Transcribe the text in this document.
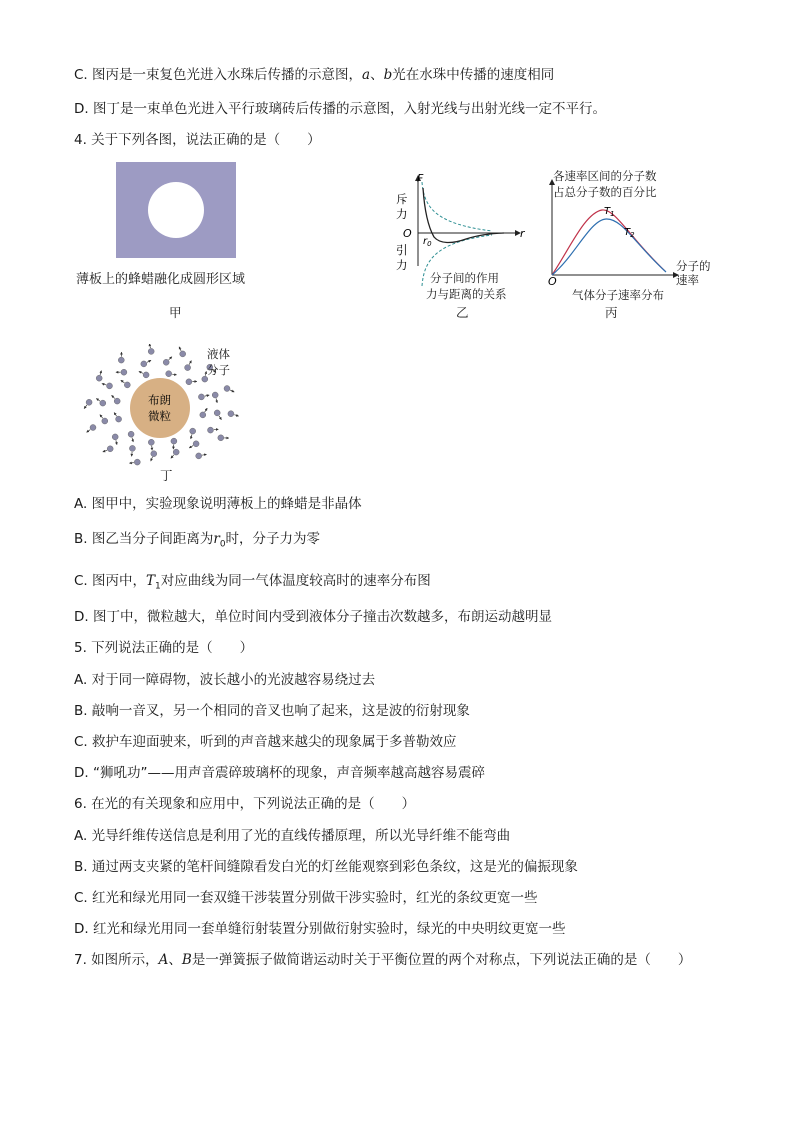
C. 图丙是一束复色光进入水珠后传播的示意图，a、b光在水珠中传播的速度相同
D. 图丁是一束单色光进入平行玻璃砖后传播的示意图，入射光线与出射光线一定不平行。
4. 关于下列各图，说法正确的是（　　）
薄板上的蜂蜡融化成圆形区域
甲
F
斥
力
O
引
力
r
$r_0$
分子间的作用
力与距离的关系
乙
各速率区间的分子数
占总分子数的百分比
O
$T_1$
$T_2$
分子的
速率
气体分子速率分布
丙
布朗
微粒
液体
分子
丁
A. 图甲中，实验现象说明薄板上的蜂蜡是非晶体
B. 图乙当分子间距离为$r_0$时，分子力为零
C. 图丙中，$T_1$对应曲线为同一气体温度较高时的速率分布图
D. 图丁中，微粒越大，单位时间内受到液体分子撞击次数越多，布朗运动越明显
5. 下列说法正确的是（　　）
A. 对于同一障碍物，波长越小的光波越容易绕过去
B. 敲响一音叉，另一个相同的音叉也响了起来，这是波的衍射现象
C. 救护车迎面驶来，听到的声音越来越尖的现象属于多普勒效应
D. “狮吼功”——用声音震碎玻璃杯的现象，声音频率越高越容易震碎
6. 在光的有关现象和应用中，下列说法正确的是（　　）
A. 光导纤维传送信息是利用了光的直线传播原理，所以光导纤维不能弯曲
B. 通过两支夹紧的笔杆间缝隙看发白光的灯丝能观察到彩色条纹，这是光的偏振现象
C. 红光和绿光用同一套双缝干涉装置分别做干涉实验时，红光的条纹更宽一些
D. 红光和绿光用同一套单缝衍射装置分别做衍射实验时，绿光的中央明纹更宽一些
7. 如图所示，A、B是一弹簧振子做简谐运动时关于平衡位置的两个对称点，下列说法正确的是（　　）
